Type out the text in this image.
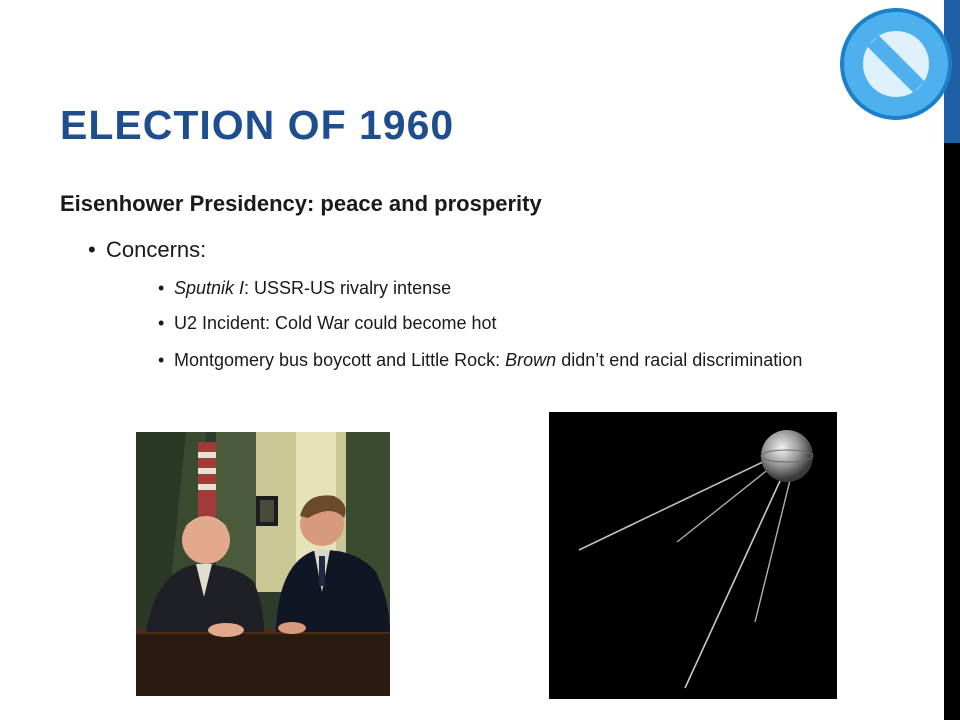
ELECTION OF 1960

Eisenhower Presidency: peace and prosperity

• Concerns:
• Sputnik I: USSR-US rivalry intense
• U2 Incident: Cold War could become hot
• Montgomery bus boycott and Little Rock: Brown didn’t end racial discrimination
